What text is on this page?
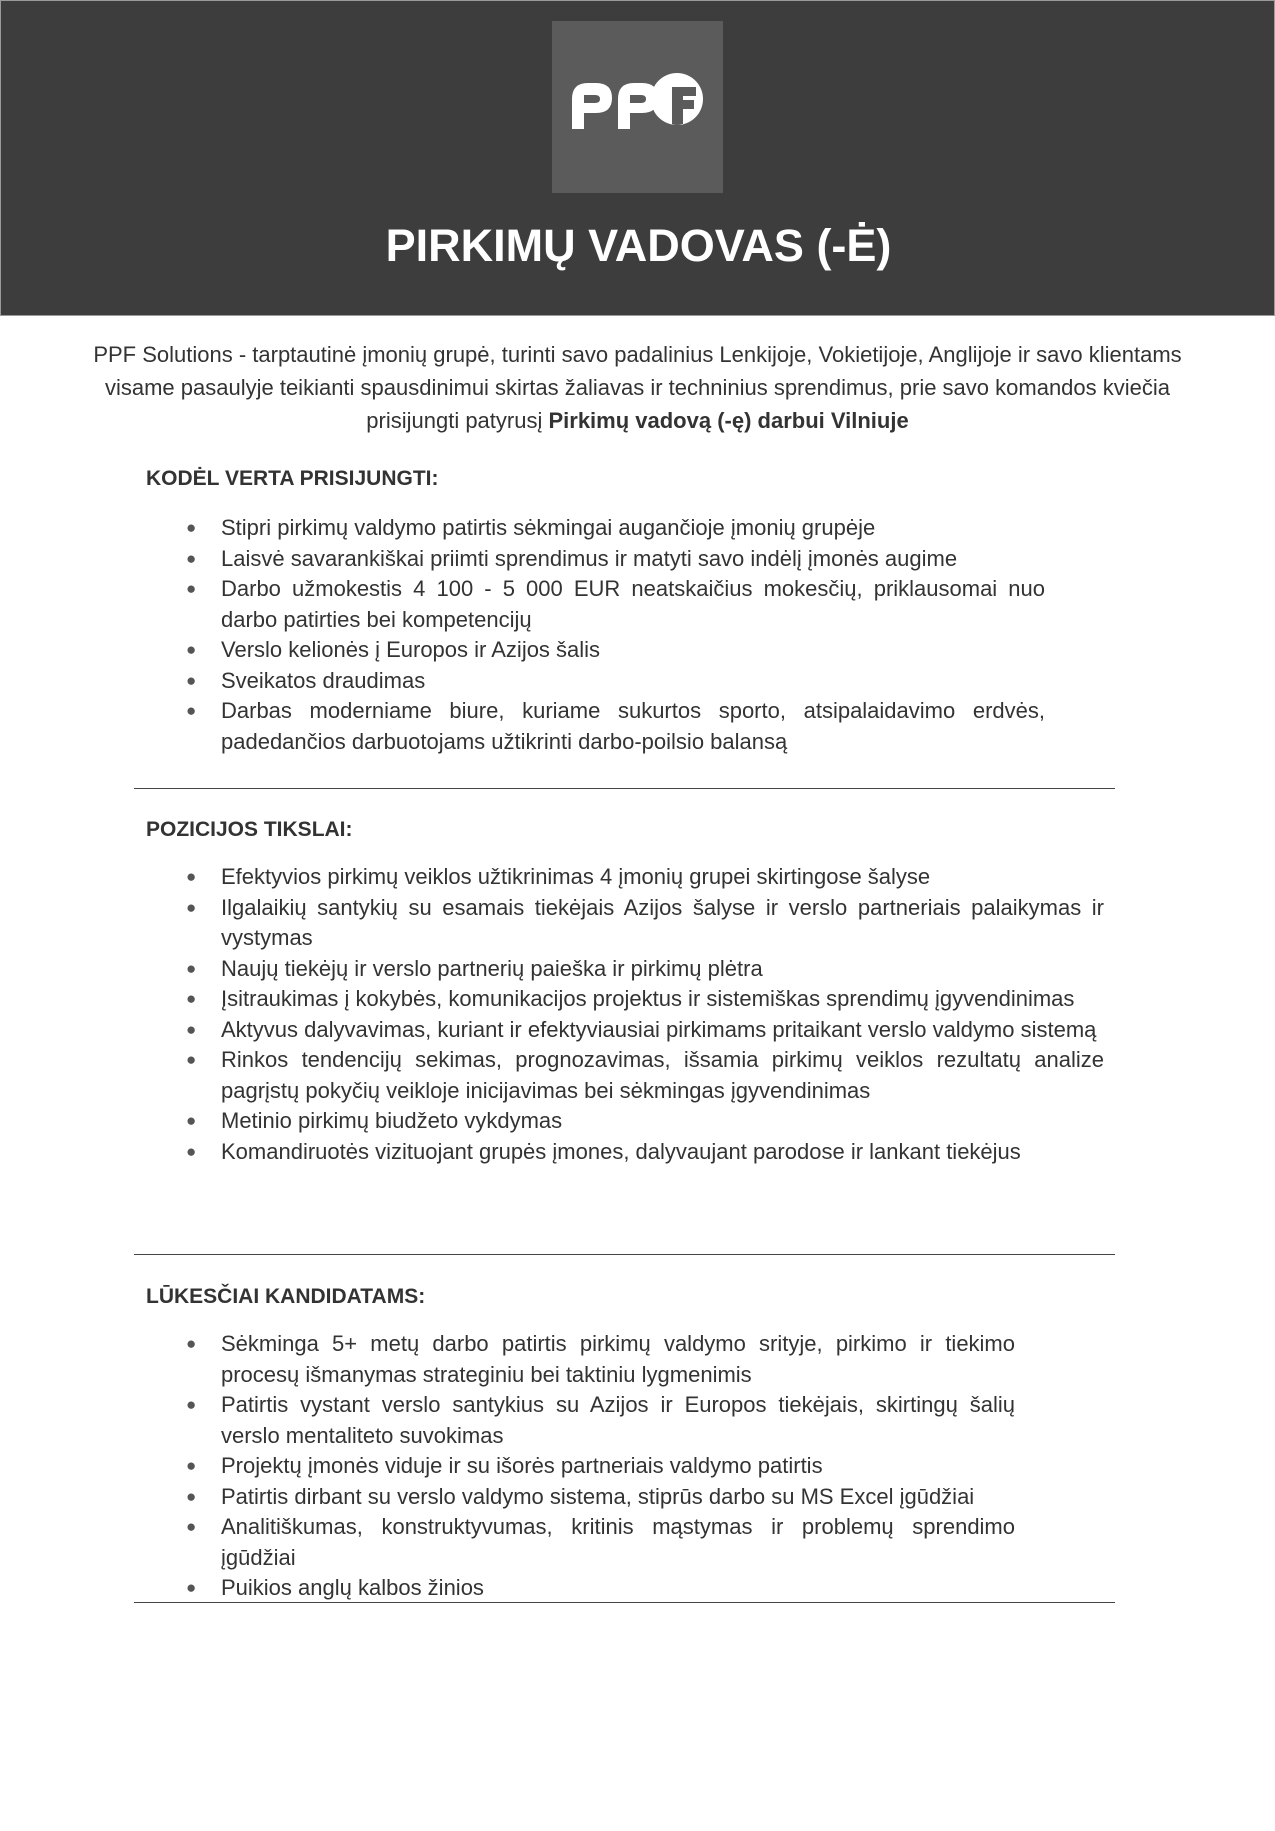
PIRKIMŲ VADOVAS (-Ė)
PPF Solutions - tarptautinė įmonių grupė, turinti savo padalinius Lenkijoje, Vokietijoje, Anglijoje ir savo klientams visame pasaulyje teikianti spausdinimui skirtas žaliavas ir techninius sprendimus, prie savo komandos kviečia prisijungti patyrusį Pirkimų vadovą (-ę) darbui Vilniuje
KODĖL VERTA PRISIJUNGTI:
●	Stipri pirkimų valdymo patirtis sėkmingai augančioje įmonių grupėje
●	Laisvė savarankiškai priimti sprendimus ir matyti savo indėlį įmonės augime
●	Darbo užmokestis 4 100 - 5 000 EUR neatskaičius mokesčių, priklausomai nuo darbo patirties bei kompetencijų
●	Verslo kelionės į Europos ir Azijos šalis
●	Sveikatos draudimas
●	Darbas moderniame biure, kuriame sukurtos sporto, atsipalaidavimo erdvės, padedančios darbuotojams užtikrinti darbo-poilsio balansą
POZICIJOS TIKSLAI:
●	Efektyvios pirkimų veiklos užtikrinimas 4 įmonių grupei skirtingose šalyse
●	Ilgalaikių santykių su esamais tiekėjais Azijos šalyse ir verslo partneriais palaikymas ir vystymas
●	Naujų tiekėjų ir verslo partnerių paieška ir pirkimų plėtra
●	Įsitraukimas į kokybės, komunikacijos projektus ir sistemiškas sprendimų įgyvendinimas
●	Aktyvus dalyvavimas, kuriant ir efektyviausiai pirkimams pritaikant verslo valdymo sistemą
●	Rinkos tendencijų sekimas, prognozavimas, išsamia pirkimų veiklos rezultatų analize pagrįstų pokyčių veikloje inicijavimas bei sėkmingas įgyvendinimas
●	Metinio pirkimų biudžeto vykdymas
●	Komandiruotės vizituojant grupės įmones, dalyvaujant parodose ir lankant tiekėjus
LŪKESČIAI KANDIDATAMS:
●	Sėkminga 5+ metų darbo patirtis pirkimų valdymo srityje, pirkimo ir tiekimo procesų išmanymas strateginiu bei taktiniu lygmenimis
●	Patirtis vystant verslo santykius su Azijos ir Europos tiekėjais, skirtingų šalių verslo mentaliteto suvokimas
●	Projektų įmonės viduje ir su išorės partneriais valdymo patirtis
●	Patirtis dirbant su verslo valdymo sistema, stiprūs darbo su MS Excel įgūdžiai
●	Analitiškumas, konstruktyvumas, kritinis mąstymas ir problemų sprendimo įgūdžiai
●	Puikios anglų kalbos žinios
